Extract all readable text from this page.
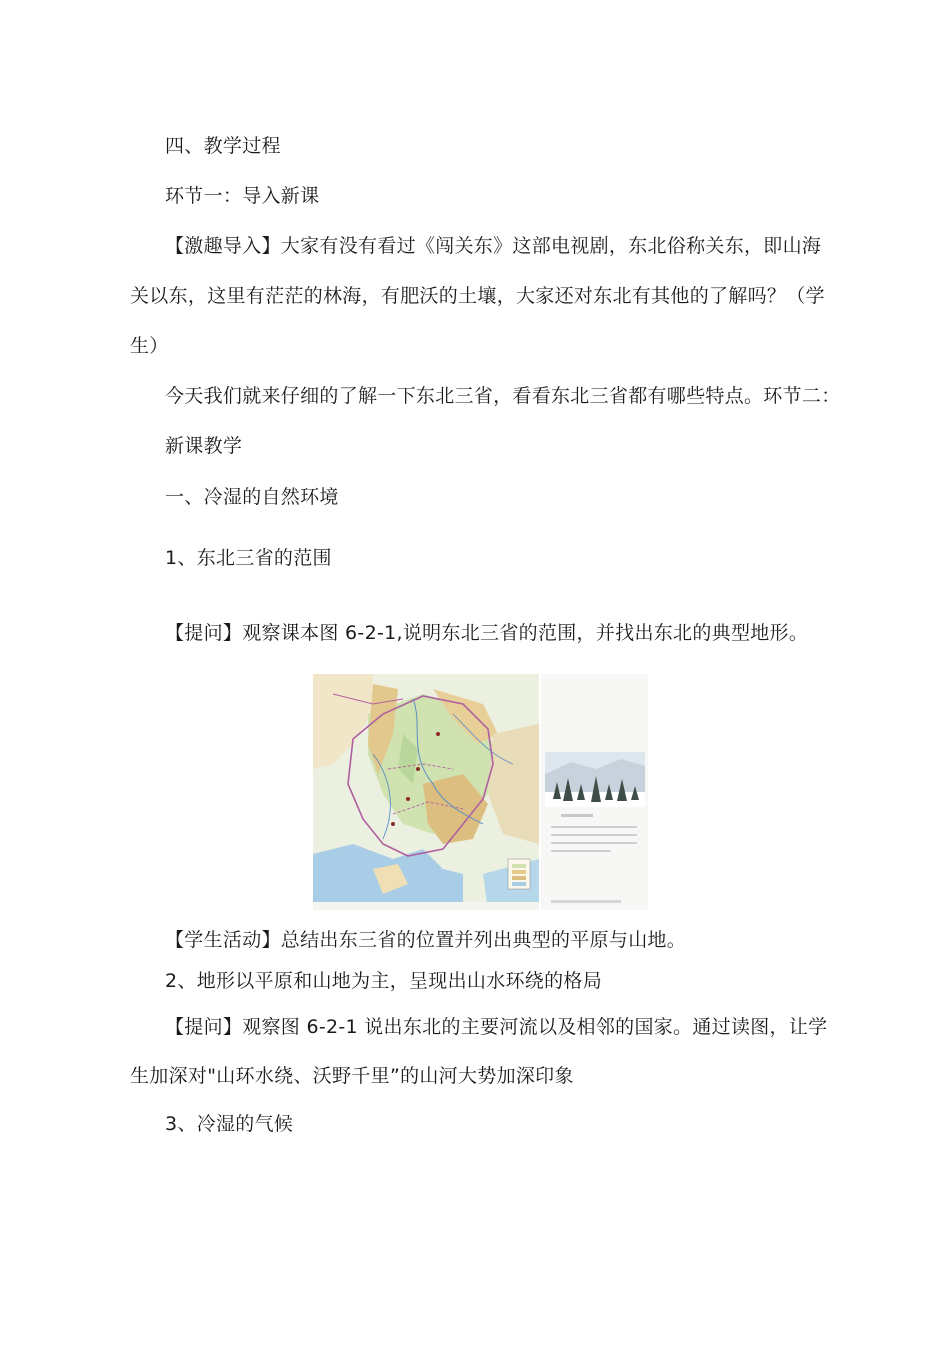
四、教学过程
环节一：导入新课
【激趣导入】大家有没有看过《闯关东》这部电视剧，东北俗称关东，即山海
关以东，这里有茫茫的林海，有肥沃的土壤，大家还对东北有其他的了解吗？（学
生）
今天我们就来仔细的了解一下东北三省，看看东北三省都有哪些特点。环节二：
新课教学
一、冷湿的自然环境
1、东北三省的范围
【提问】观察课本图 6-2-1,说明东北三省的范围，并找出东北的典型地形。
【学生活动】总结出东三省的位置并列出典型的平原与山地。
2、地形以平原和山地为主，呈现出山水环绕的格局
【提问】观察图 6-2-1 说出东北的主要河流以及相邻的国家。通过读图，让学
生加深对"山环水绕、沃野千里”的山河大势加深印象
3、冷湿的气候
